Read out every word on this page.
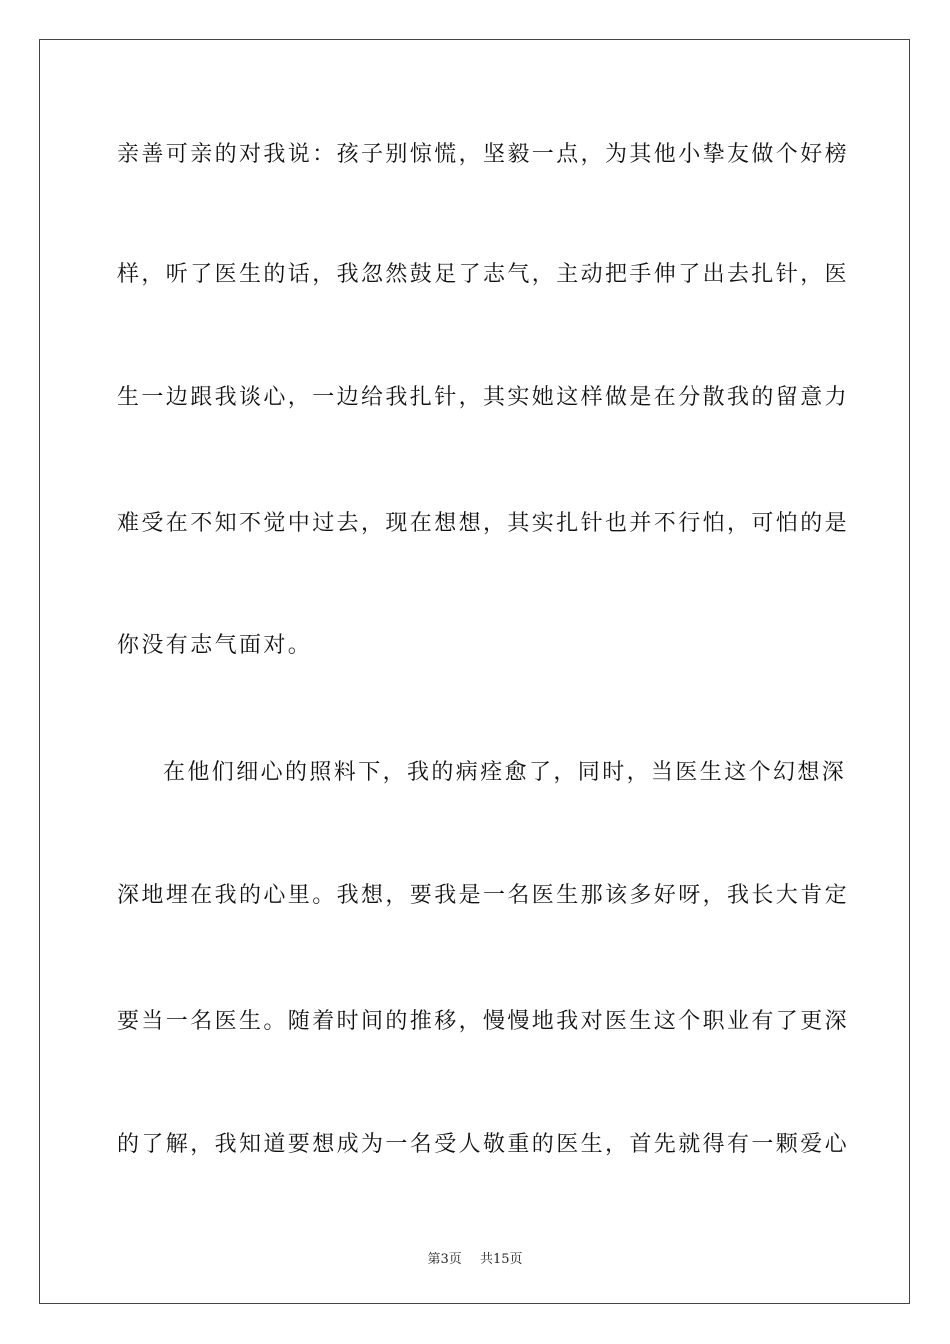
亲善可亲的对我说：孩子别惊慌，坚毅一点，为其他小挚友做个好榜
样，听了医生的话，我忽然鼓足了志气，主动把手伸了出去扎针，医
生一边跟我谈心，一边给我扎针，其实她这样做是在分散我的留意力
难受在不知不觉中过去，现在想想，其实扎针也并不行怕，可怕的是
你没有志气面对。
在他们细心的照料下，我的病痊愈了，同时，当医生这个幻想深
深地埋在我的心里。我想，要我是一名医生那该多好呀，我长大肯定
要当一名医生。随着时间的推移，慢慢地我对医生这个职业有了更深
的了解，我知道要想成为一名受人敬重的医生，首先就得有一颗爱心
第3页 共15页
